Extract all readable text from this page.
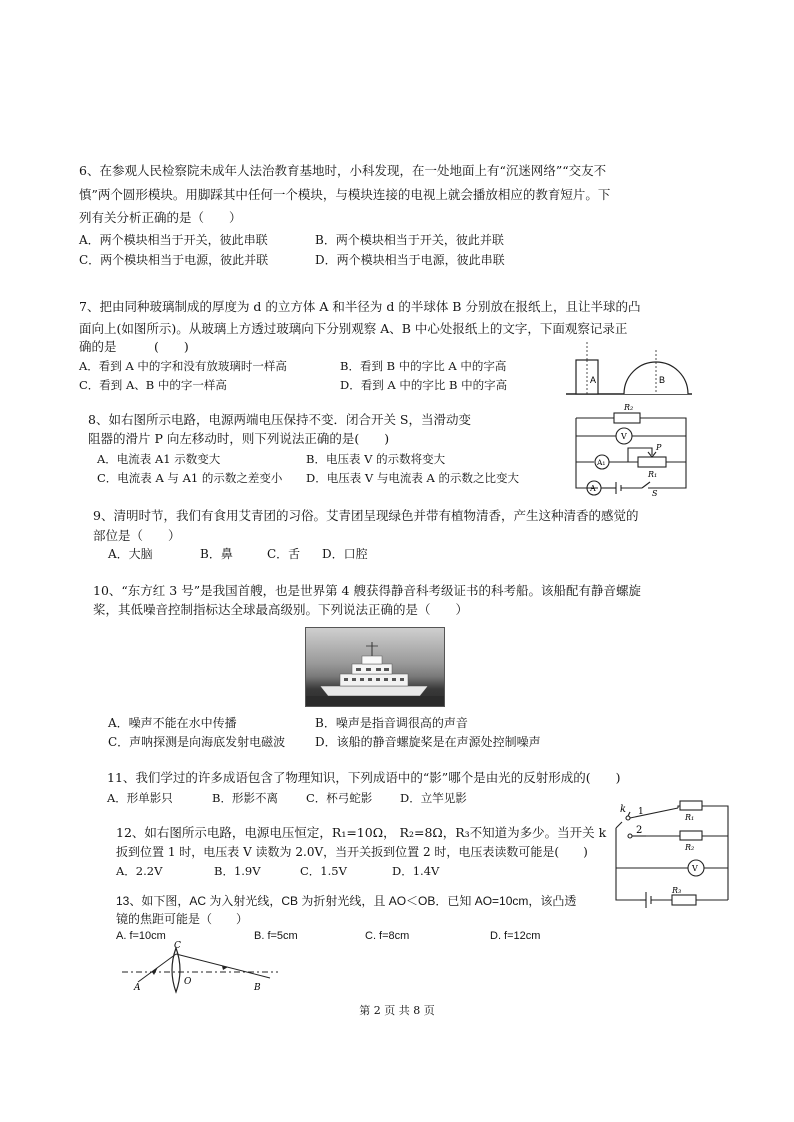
6、在参观人民检察院未成年人法治教育基地时，小科发现，在一处地面上有“沉迷网络”“交友不
慎”两个圆形模块。用脚踩其中任何一个模块，与模块连接的电视上就会播放相应的教育短片。下
列有关分析正确的是（　　）
A．两个模块相当于开关，彼此串联	B．两个模块相当于开关，彼此并联
C．两个模块相当于电源，彼此并联	D．两个模块相当于电源，彼此串联
7、把由同种玻璃制成的厚度为 d 的立方体 A 和半径为 d 的半球体 B 分别放在报纸上，且让半球的凸
面向上(如图所示)。从玻璃上方透过玻璃向下分别观察 A、B 中心处报纸上的文字，下面观察记录正
确的是　　　(　　)
A．看到 A 中的字和没有放玻璃时一样高	B．看到 B 中的字比 A 中的字高
C．看到 A、B 中的字一样高	D．看到 A 中的字比 B 中的字高	A	B
8、如右图所示电路，电源两端电压保持不变．闭合开关 S，当滑动变
阻器的滑片 P 向左移动时，则下列说法正确的是(　　)
A．电流表 A1 示数变大	B．电压表 V 的示数将变大
C．电流表 A 与 A1 的示数之差变小 D．电压表 V 与电流表 A 的示数之比变大
R₂
V
A₁
P
R₁
A
S
9、清明时节，我们有食用艾青团的习俗。艾青团呈现绿色并带有植物清香，产生这种清香的感觉的
部位是（　　）
A．大脑	B．鼻	C．舌 D．口腔
10、“东方红 3 号”是我国首艘，也是世界第 4 艘获得静音科考级证书的科考船。该船配有静音螺旋
桨，其低噪音控制指标达全球最高级别。下列说法正确的是（　　）
A．噪声不能在水中传播	B．噪声是指音调很高的声音
C．声呐探测是向海底发射电磁波 D．该船的静音螺旋桨是在声源处控制噪声
11、我们学过的许多成语包含了物理知识，下列成语中的“影”哪个是由光的反射形成的(　　)
A．形单影只	B．形影不离 C．杯弓蛇影 D．立竿见影
12、如右图所示电路，电源电压恒定，R₁=10Ω， R₂=8Ω，R₃不知道为多少。当开关 k
扳到位置 1 时，电压表 V 读数为 2.0V，当开关扳到位置 2 时，电压表读数可能是(　　)
A．2.2V	B．1.9V	C．1.5V	D．1.4V
k 1
2
R₁
R₂
V
R₃
13、如下图，AC 为入射光线，CB 为折射光线，且 AO＜OB．已知 AO=10cm，该凸透
镜的焦距可能是（　　）
A. f=10cm	B. f=5cm	C. f=8cm	D. f=12cm
C
A
O
B
第 2 页 共 8 页
